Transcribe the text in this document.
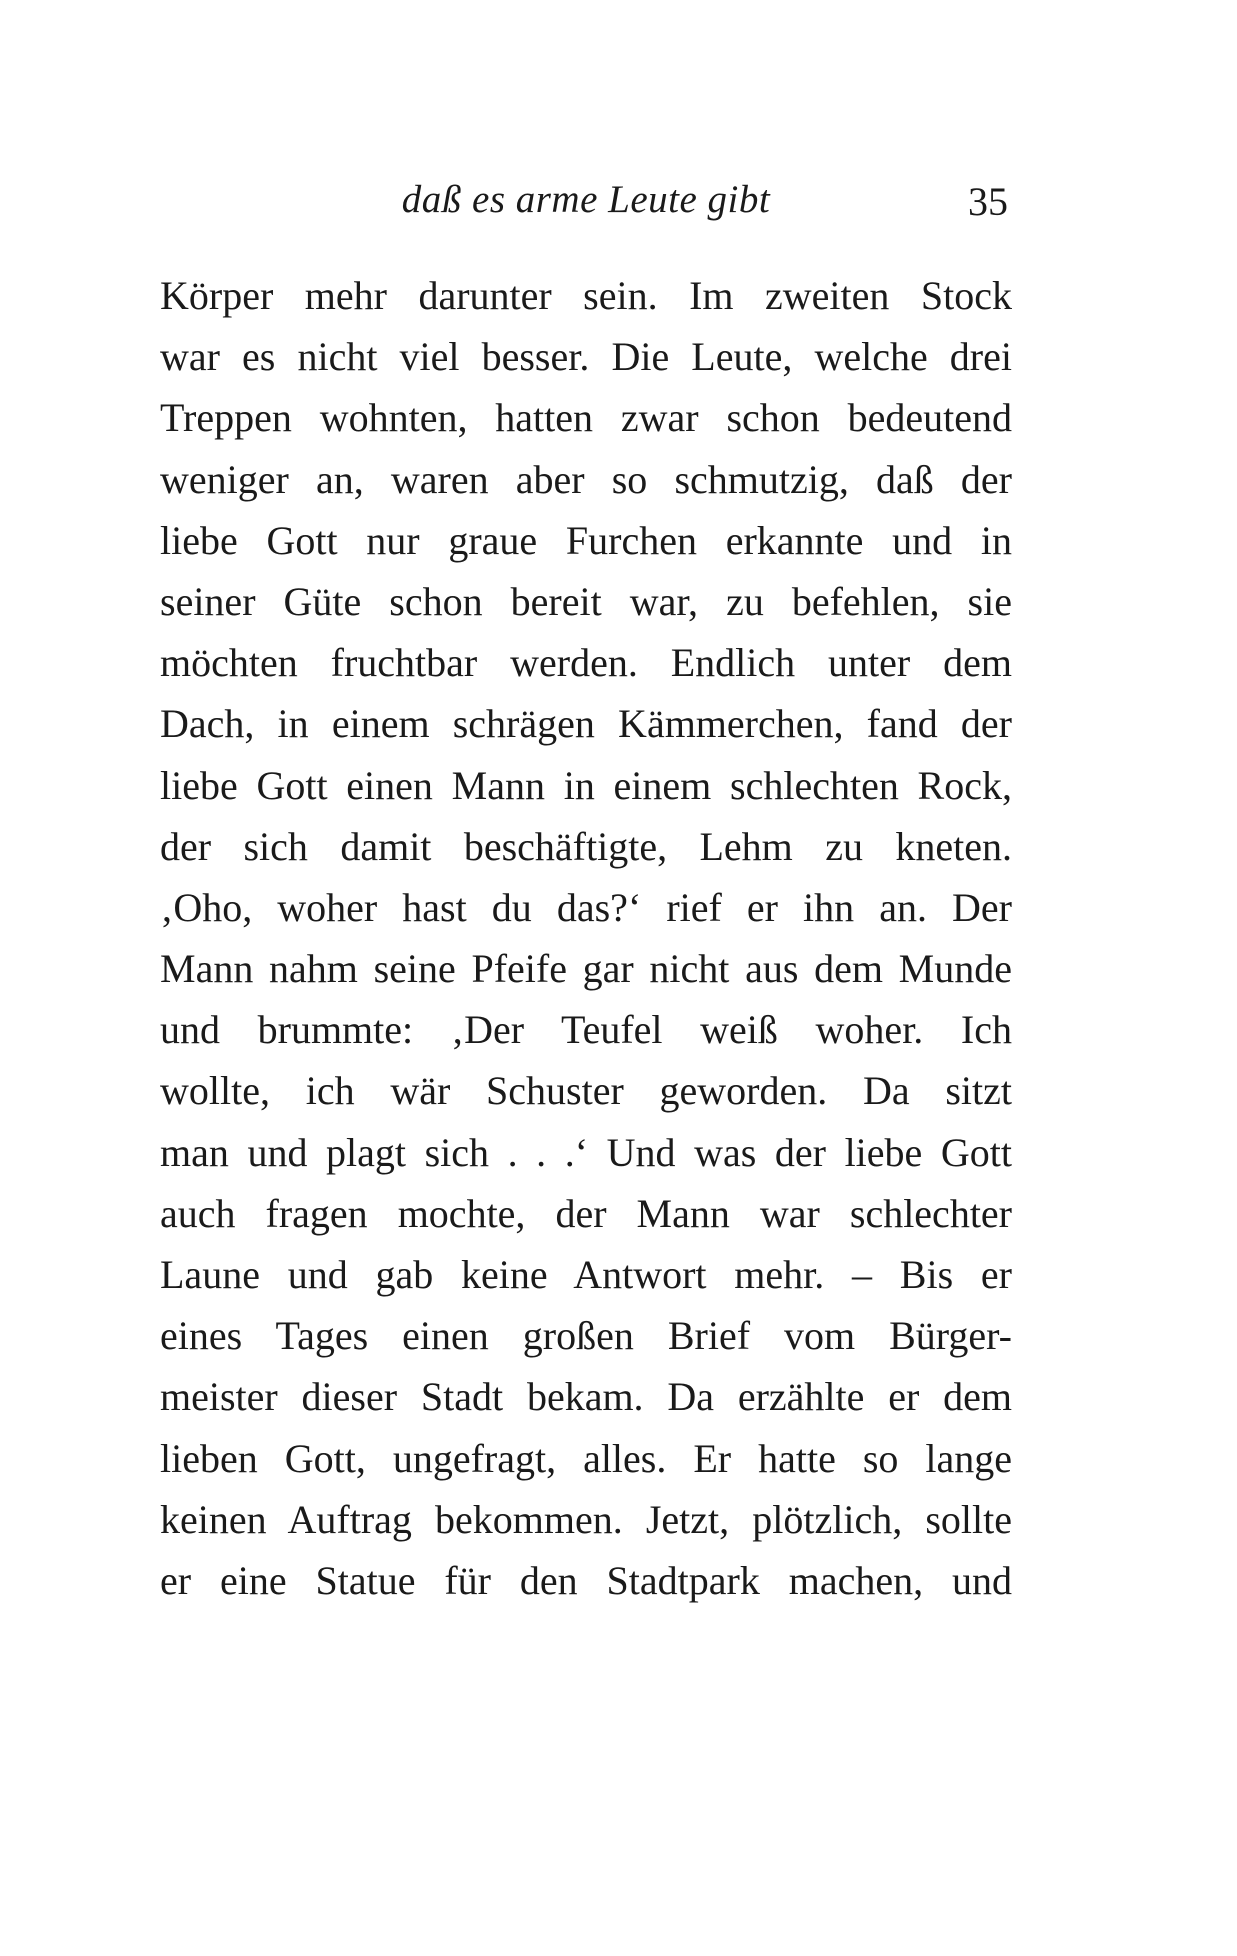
daß es arme Leute gibt	35
Körper mehr darunter sein. Im zweiten Stock
war es nicht viel besser. Die Leute, welche drei
Treppen wohnten, hatten zwar schon bedeutend
weniger an, waren aber so schmutzig, daß der
liebe Gott nur graue Furchen erkannte und in
seiner Güte schon bereit war, zu befehlen, sie
möchten fruchtbar werden. Endlich unter dem
Dach, in einem schrägen Kämmerchen, fand der
liebe Gott einen Mann in einem schlechten Rock,
der sich damit beschäftigte, Lehm zu kneten.
‚Oho, woher hast du das?‘ rief er ihn an. Der
Mann nahm seine Pfeife gar nicht aus dem Munde
und brummte: ‚Der Teufel weiß woher. Ich
wollte, ich wär Schuster geworden. Da sitzt
man und plagt sich . . .‘ Und was der liebe Gott
auch fragen mochte, der Mann war schlechter
Laune und gab keine Antwort mehr. – Bis er
eines Tages einen großen Brief vom Bürger-
meister dieser Stadt bekam. Da erzählte er dem
lieben Gott, ungefragt, alles. Er hatte so lange
keinen Auftrag bekommen. Jetzt, plötzlich, sollte
er eine Statue für den Stadtpark machen, und
